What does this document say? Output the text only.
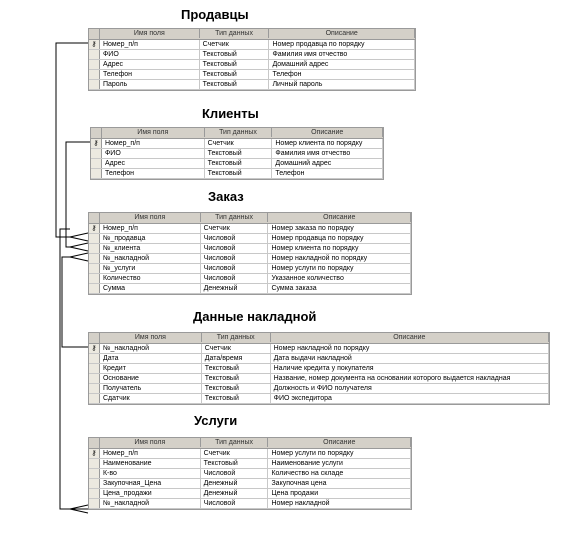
Продавцы
Имя поля	Тип данных	Описание
⚷ Номер_п/п	Счетчик	Номер продавца по порядку
ФИО	Текстовый	Фамилия имя отчество
Адрес	Текстовый	Домашний адрес
Телефон	Текстовый	Телефон
Пароль	Текстовый	Личный пароль
Клиенты
Имя поля	Тип данных	Описание
⚷ Номер_п/п	Счетчик	Номер клиента по порядку
ФИО	Текстовый	Фамилия имя отчество
Адрес	Текстовый	Домашний адрес
Телефон	Текстовый	Телефон
Заказ
Имя поля	Тип данных	Описание
⚷ Номер_п/п	Счетчик	Номер заказа по порядку
№_продавца	Числовой	Номер продавца по порядку
№_клиента	Числовой	Номер клиента по порядку
№_накладной	Числовой	Номер накладной по порядку
№_услуги	Числовой	Номер услуги по порядку
Количество	Числовой	Указанное количество
Сумма	Денежный	Сумма заказа
Данные накладной
Имя поля	Тип данных	Описание
⚷ №_накладной	Счетчик	Номер накладной по порядку
Дата	Дата/время	Дата выдачи накладной
Кредит	Текстовый	Наличие кредита у покупателя
Основание	Текстовый	Название, номер документа на основании которого выдается накладная
Получатель	Текстовый	Должность и ФИО получателя
Сдатчик	Текстовый	ФИО экспедитора
Услуги
Имя поля	Тип данных	Описание
⚷ Номер_п/п	Счетчик	Номер услуги по порядку
Наименование	Текстовый	Наименование услуги
К-во	Числовой	Количество на складе
Закупочная_Цена	Денежный	Закупочная цена
Цена_продажи	Денежный	Цена продажи
№_накладной	Числовой	Номер накладной
